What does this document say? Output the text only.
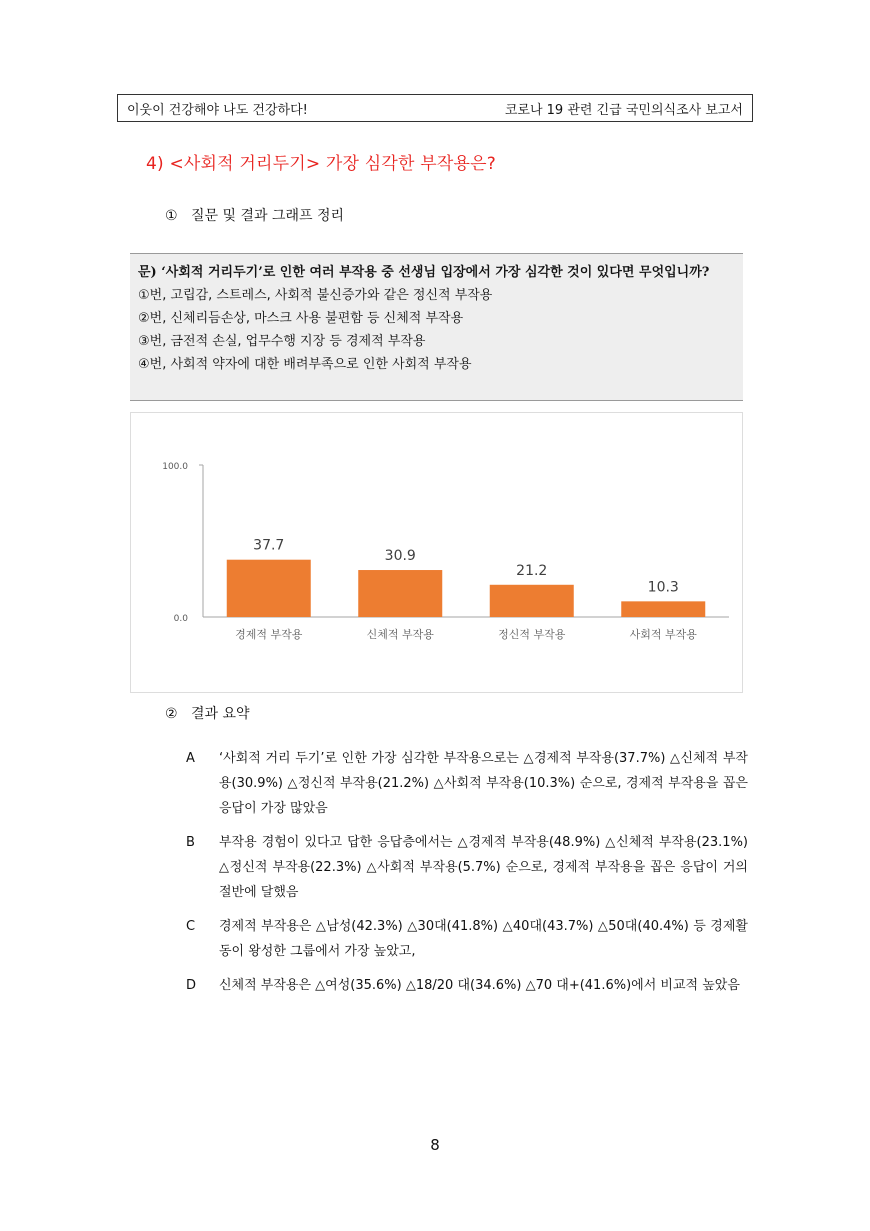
이웃이 건강해야 나도 건강하다!	코로나 19 관련 긴급 국민의식조사 보고서
4) <사회적 거리두기> 가장 심각한 부작용은?
① 질문 및 결과 그래프 정리
문) ‘사회적 거리두기’로 인한 여러 부작용 중 선생님 입장에서 가장 심각한 것이 있다면 무엇입니까?
①번, 고립감, 스트레스, 사회적 불신증가와 같은 정신적 부작용
②번, 신체리듬손상, 마스크 사용 불편함 등 신체적 부작용
③번, 금전적 손실, 업무수행 지장 등 경제적 부작용
④번, 사회적 약자에 대한 배려부족으로 인한 사회적 부작용
100.0
0.0
37.7
경제적 부작용
30.9
신체적 부작용
21.2
정신적 부작용
10.3
사회적 부작용
② 결과 요약
A	‘사회적 거리 두기’로 인한 가장 심각한 부작용으로는 △경제적 부작용(37.7%) △신체적 부작용(30.9%) △정신적 부작용(21.2%) △사회적 부작용(10.3%) 순으로, 경제적 부작용을 꼽은 응답이 가장 많았음
B	부작용 경험이 있다고 답한 응답층에서는 △경제적 부작용(48.9%) △신체적 부작용(23.1%) △정신적 부작용(22.3%) △사회적 부작용(5.7%) 순으로, 경제적 부작용을 꼽은 응답이 거의 절반에 달했음
C	경제적 부작용은 △남성(42.3%) △30대(41.8%) △40대(43.7%) △50대(40.4%) 등 경제활동이 왕성한 그룹에서 가장 높았고,
D	신체적 부작용은 △여성(35.6%) △18/20 대(34.6%) △70 대+(41.6%)에서 비교적 높았음
8
